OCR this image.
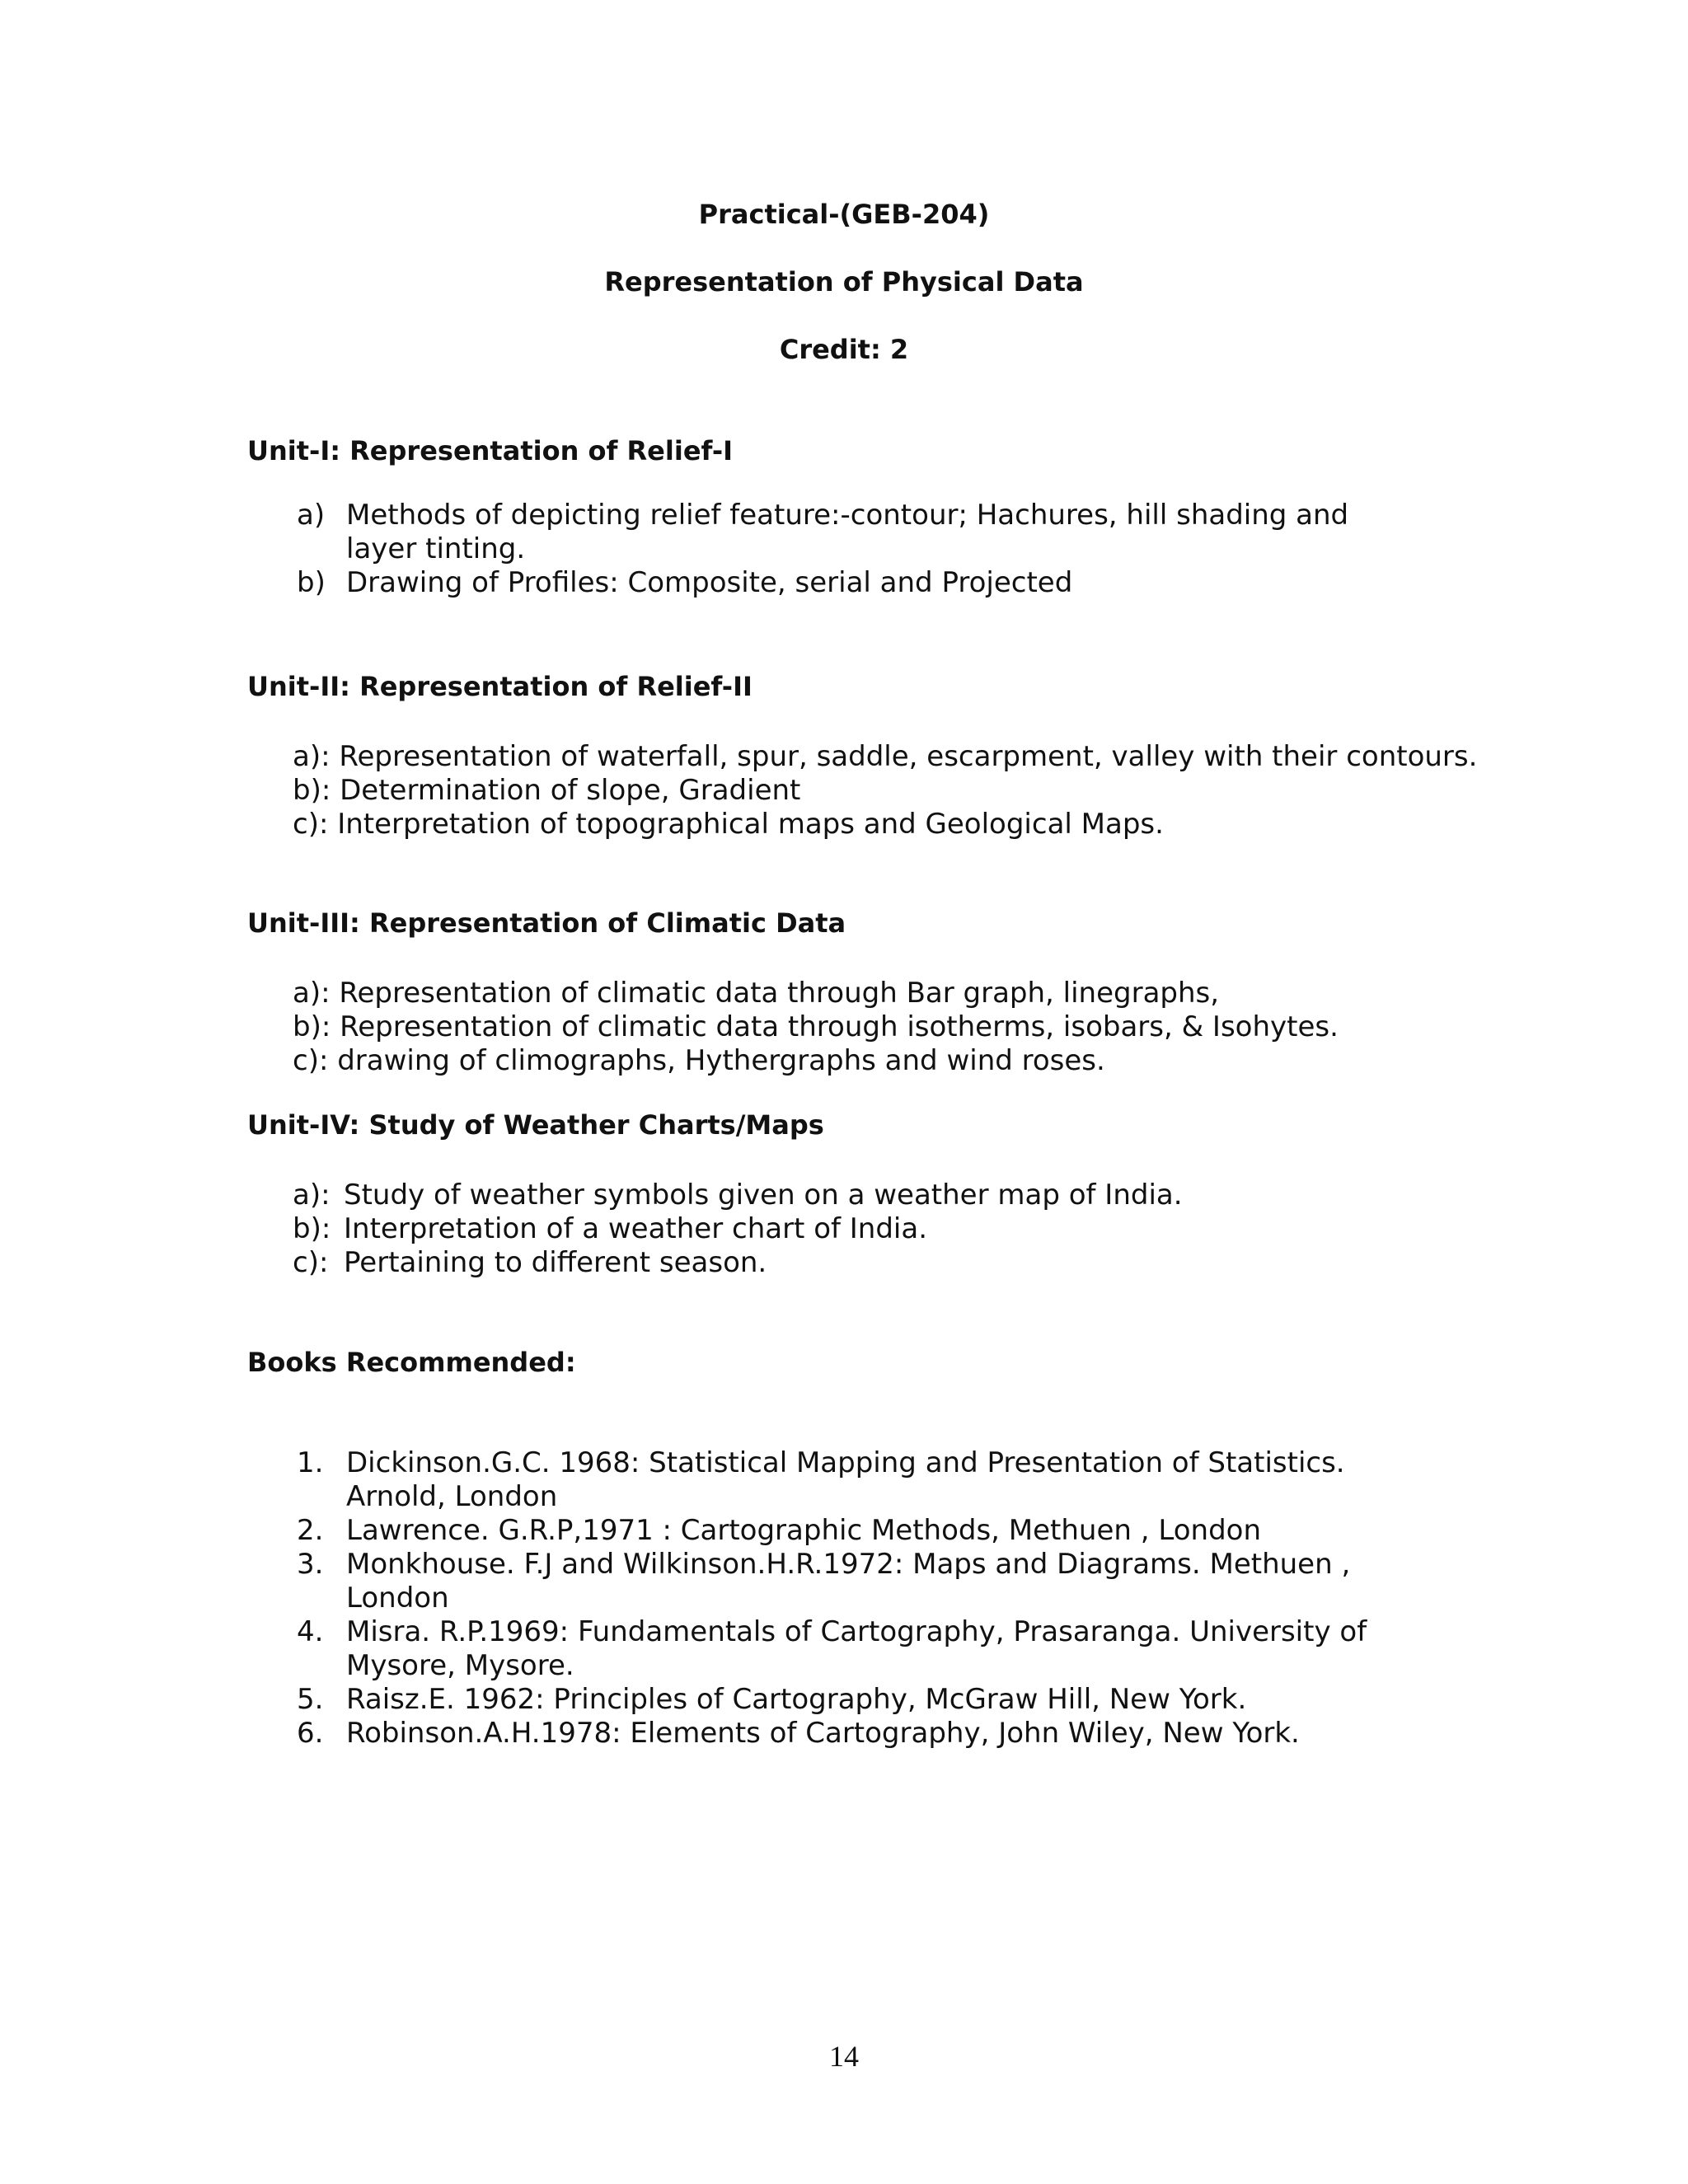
Practical-(GEB-204)
Representation of Physical Data
Credit: 2
Unit-I: Representation of Relief-I
a) Methods of depicting relief feature:-contour; Hachures, hill shading and layer tinting.
b) Drawing of Profiles: Composite, serial and Projected
Unit-II: Representation of Relief-II
a): Representation of waterfall, spur, saddle, escarpment, valley with their contours.
b): Determination of slope, Gradient
c): Interpretation of topographical maps and Geological Maps.
Unit-III: Representation of Climatic Data
a): Representation of climatic data through Bar graph, linegraphs,
b): Representation of climatic data through isotherms, isobars, & Isohytes.
c): drawing of climographs, Hythergraphs and wind roses.
Unit-IV: Study of Weather Charts/Maps
a): Study of weather symbols given on a weather map of India.
b): Interpretation of a weather chart of India.
c): Pertaining to different season.
Books Recommended:
1. Dickinson.G.C. 1968: Statistical Mapping and Presentation of Statistics. Arnold, London
2. Lawrence. G.R.P,1971 : Cartographic Methods, Methuen , London
3. Monkhouse. F.J and Wilkinson.H.R.1972: Maps and Diagrams. Methuen , London
4. Misra. R.P.1969: Fundamentals of Cartography, Prasaranga. University of Mysore, Mysore.
5. Raisz.E. 1962: Principles of Cartography, McGraw Hill, New York.
6. Robinson.A.H.1978: Elements of Cartography, John Wiley, New York.
14
